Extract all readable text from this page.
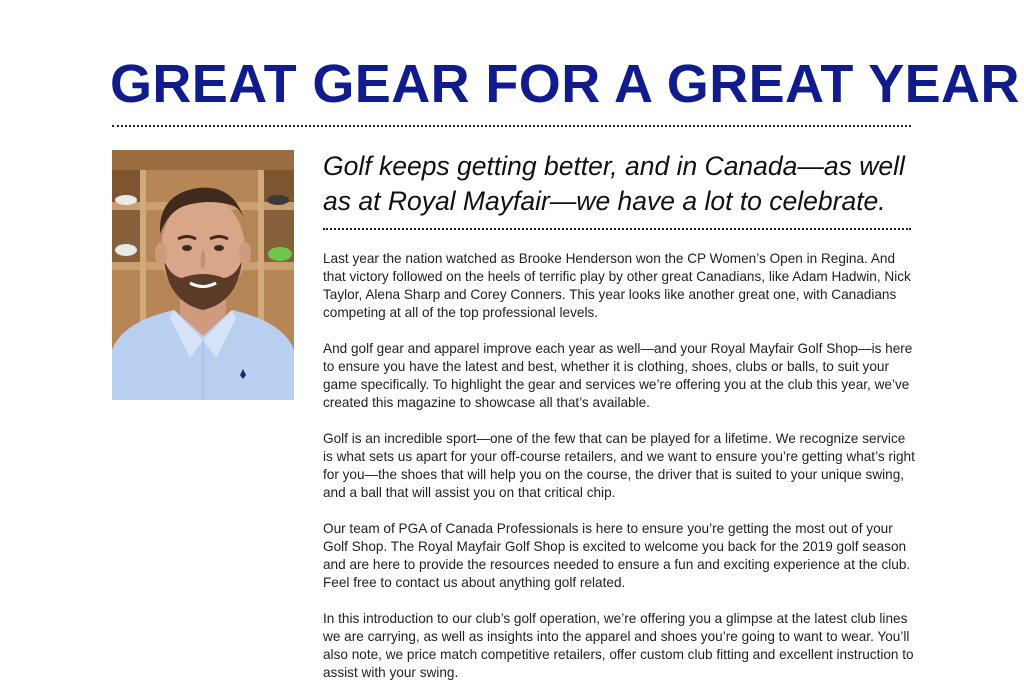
GREAT GEAR FOR A GREAT YEAR

Golf keeps getting better, and in Canada—as well as at Royal Mayfair—we have a lot to celebrate.

Last year the nation watched as Brooke Henderson won the CP Women’s Open in Regina. And that victory followed on the heels of terrific play by other great Canadians, like Adam Hadwin, Nick Taylor, Alena Sharp and Corey Conners. This year looks like another great one, with Canadians competing at all of the top professional levels.

And golf gear and apparel improve each year as well—and your Royal Mayfair Golf Shop—is here to ensure you have the latest and best, whether it is clothing, shoes, clubs or balls, to suit your game specifically. To highlight the gear and services we’re offering you at the club this year, we’ve created this magazine to showcase all that’s available.

Golf is an incredible sport—one of the few that can be played for a lifetime. We recognize service is what sets us apart for your off-course retailers, and we want to ensure you’re getting what’s right for you—the shoes that will help you on the course, the driver that is suited to your unique swing, and a ball that will assist you on that critical chip.

Our team of PGA of Canada Professionals is here to ensure you’re getting the most out of your Golf Shop. The Royal Mayfair Golf Shop is excited to welcome you back for the 2019 golf season and are here to provide the resources needed to ensure a fun and exciting experience at the club. Feel free to contact us about anything golf related.

In this introduction to our club’s golf operation, we’re offering you a glimpse at the latest club lines we are carrying, as well as insights into the apparel and shoes you’re going to want to wear. You’ll also note, we price match competitive retailers, offer custom club fitting and excellent instruction to assist with your swing.
